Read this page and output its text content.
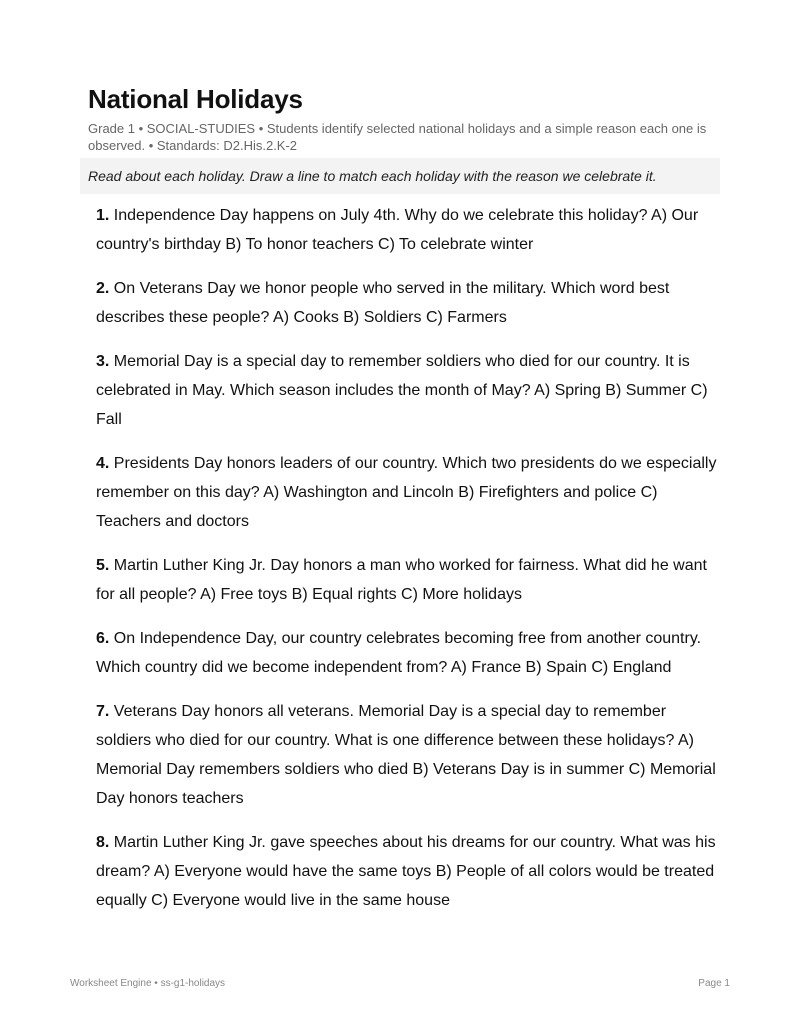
National Holidays
Grade 1 • SOCIAL-STUDIES • Students identify selected national holidays and a simple reason each one is observed. • Standards: D2.His.2.K-2
Read about each holiday. Draw a line to match each holiday with the reason we celebrate it.
1. Independence Day happens on July 4th. Why do we celebrate this holiday? A) Our country's birthday B) To honor teachers C) To celebrate winter
2. On Veterans Day we honor people who served in the military. Which word best describes these people? A) Cooks B) Soldiers C) Farmers
3. Memorial Day is a special day to remember soldiers who died for our country. It is celebrated in May. Which season includes the month of May? A) Spring B) Summer C) Fall
4. Presidents Day honors leaders of our country. Which two presidents do we especially remember on this day? A) Washington and Lincoln B) Firefighters and police C) Teachers and doctors
5. Martin Luther King Jr. Day honors a man who worked for fairness. What did he want for all people? A) Free toys B) Equal rights C) More holidays
6. On Independence Day, our country celebrates becoming free from another country. Which country did we become independent from? A) France B) Spain C) England
7. Veterans Day honors all veterans. Memorial Day is a special day to remember soldiers who died for our country. What is one difference between these holidays? A) Memorial Day remembers soldiers who died B) Veterans Day is in summer C) Memorial Day honors teachers
8. Martin Luther King Jr. gave speeches about his dreams for our country. What was his dream? A) Everyone would have the same toys B) People of all colors would be treated equally C) Everyone would live in the same house
Worksheet Engine • ss-g1-holidays	Page 1
